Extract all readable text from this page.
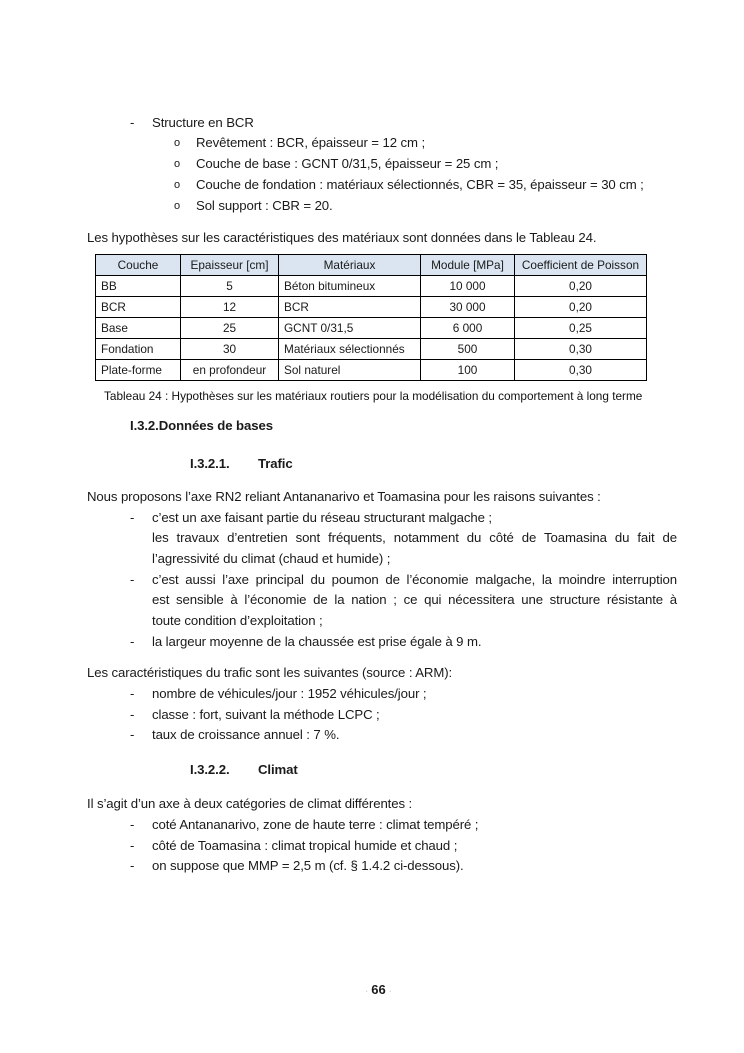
- Structure en BCR
o Revêtement : BCR, épaisseur = 12 cm ;
o Couche de base : GCNT 0/31,5, épaisseur = 25 cm ;
o Couche de fondation : matériaux sélectionnés, CBR = 35, épaisseur = 30 cm ;
o Sol support : CBR = 20.
Les hypothèses sur les caractéristiques des matériaux sont données dans le Tableau 24.
Couche	Epaisseur [cm]	Matériaux	Module [MPa]	Coefficient de Poisson
BB	5	Béton bitumineux	10 000	0,20
BCR	12	BCR	30 000	0,20
Base	25	GCNT 0/31,5	6 000	0,25
Fondation	30	Matériaux sélectionnés	500	0,30
Plate-forme	en profondeur	Sol naturel	100	0,30
Tableau 24 : Hypothèses sur les matériaux routiers pour la modélisation du comportement à long terme
I.3.2.Données de bases
I.3.2.1. Trafic
Nous proposons l’axe RN2 reliant Antananarivo et Toamasina pour les raisons suivantes :
- c’est un axe faisant partie du réseau structurant malgache ;
les travaux d’entretien sont fréquents, notamment du côté de Toamasina du fait de
l’agressivité du climat (chaud et humide) ;
- c’est aussi l’axe principal du poumon de l’économie malgache, la moindre interruption
est sensible à l’économie de la nation ; ce qui nécessitera une structure résistante à
toute condition d’exploitation ;
- la largeur moyenne de la chaussée est prise égale à 9 m.
Les caractéristiques du trafic sont les suivantes (source : ARM):
- nombre de véhicules/jour : 1952 véhicules/jour ;
- classe : fort, suivant la méthode LCPC ;
- taux de croissance annuel : 7 %.
I.3.2.2. Climat
Il s’agit d’un axe à deux catégories de climat différentes :
- coté Antananarivo, zone de haute terre : climat tempéré ;
- côté de Toamasina : climat tropical humide et chaud ;
- on suppose que MMP = 2,5 m (cf. § 1.4.2 ci-dessous).
. 66 .
